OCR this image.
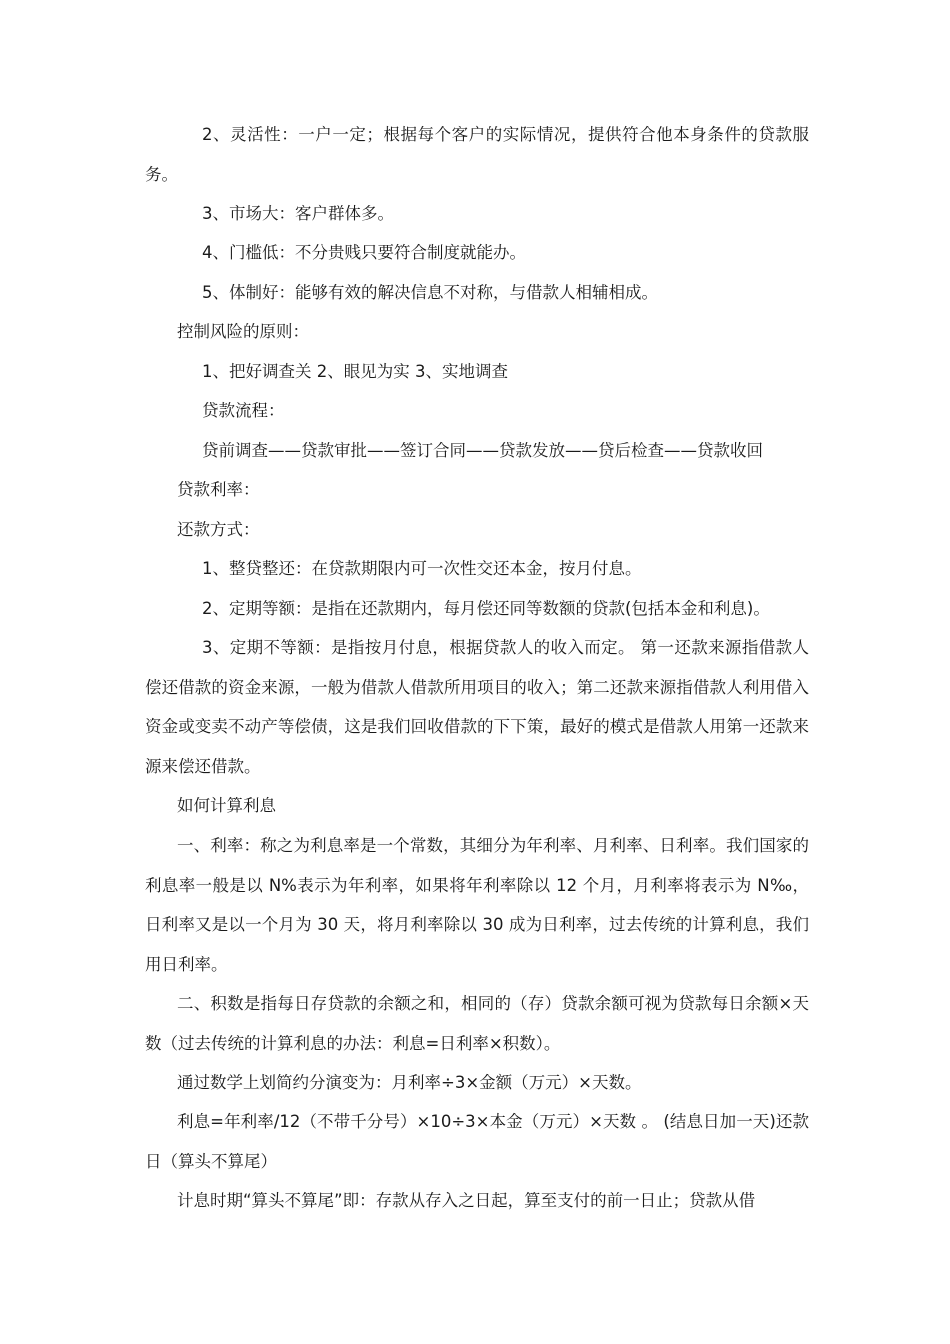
2、灵活性：一户一定；根据每个客户的实际情况，提供符合他本身条件的贷款服务。

3、市场大：客户群体多。

4、门槛低：不分贵贱只要符合制度就能办。

5、体制好：能够有效的解决信息不对称，与借款人相辅相成。

控制风险的原则：

1、把好调查关 2、眼见为实 3、实地调查

贷款流程：

贷前调查——贷款审批——签订合同——贷款发放——贷后检查——贷款收回

贷款利率：

还款方式：

1、整贷整还：在贷款期限内可一次性交还本金，按月付息。

2、定期等额：是指在还款期内，每月偿还同等数额的贷款(包括本金和利息)。

3、定期不等额：是指按月付息，根据贷款人的收入而定。 第一还款来源指借款人偿还借款的资金来源，一般为借款人借款所用项目的收入；第二还款来源指借款人利用借入资金或变卖不动产等偿债，这是我们回收借款的下下策，最好的模式是借款人用第一还款来源来偿还借款。

如何计算利息

一、利率：称之为利息率是一个常数，其细分为年利率、月利率、日利率。我们国家的利息率一般是以 N%表示为年利率，如果将年利率除以 12 个月，月利率将表示为 N‰，日利率又是以一个月为 30 天，将月利率除以 30 成为日利率，过去传统的计算利息，我们用日利率。

二、积数是指每日存贷款的余额之和，相同的（存）贷款余额可视为贷款每日余额×天数（过去传统的计算利息的办法：利息=日利率×积数）。

通过数学上划简约分演变为：月利率÷3×金额（万元）×天数。

利息=年利率/12（不带千分号）×10÷3×本金（万元）×天数 。 (结息日加一天)还款日（算头不算尾）

计息时期“算头不算尾”即：存款从存入之日起，算至支付的前一日止；贷款从借
